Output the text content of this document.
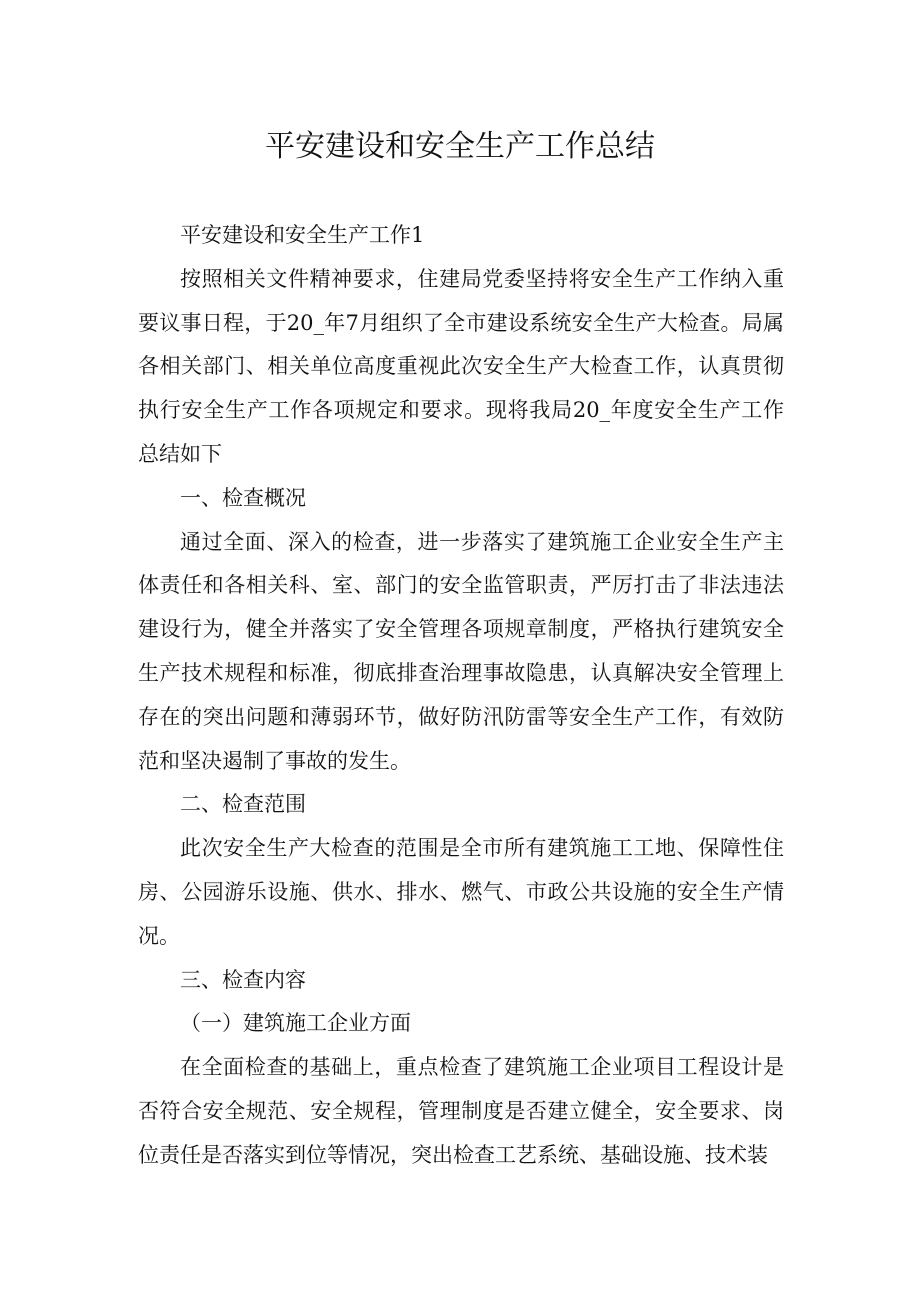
平安建设和安全生产工作总结

平安建设和安全生产工作1

按照相关文件精神要求，住建局党委坚持将安全生产工作纳入重要议事日程，于20_年7月组织了全市建设系统安全生产大检查。局属各相关部门、相关单位高度重视此次安全生产大检查工作，认真贯彻执行安全生产工作各项规定和要求。现将我局20_年度安全生产工作总结如下

一、检查概况

通过全面、深入的检查，进一步落实了建筑施工企业安全生产主体责任和各相关科、室、部门的安全监管职责，严厉打击了非法违法建设行为，健全并落实了安全管理各项规章制度，严格执行建筑安全生产技术规程和标准，彻底排查治理事故隐患，认真解决安全管理上存在的突出问题和薄弱环节，做好防汛防雷等安全生产工作，有效防范和坚决遏制了事故的发生。

二、检查范围

此次安全生产大检查的范围是全市所有建筑施工工地、保障性住房、公园游乐设施、供水、排水、燃气、市政公共设施的安全生产情况。

三、检查内容

（一）建筑施工企业方面

在全面检查的基础上，重点检查了建筑施工企业项目工程设计是否符合安全规范、安全规程，管理制度是否建立健全，安全要求、岗位责任是否落实到位等情况，突出检查工艺系统、基础设施、技术装
